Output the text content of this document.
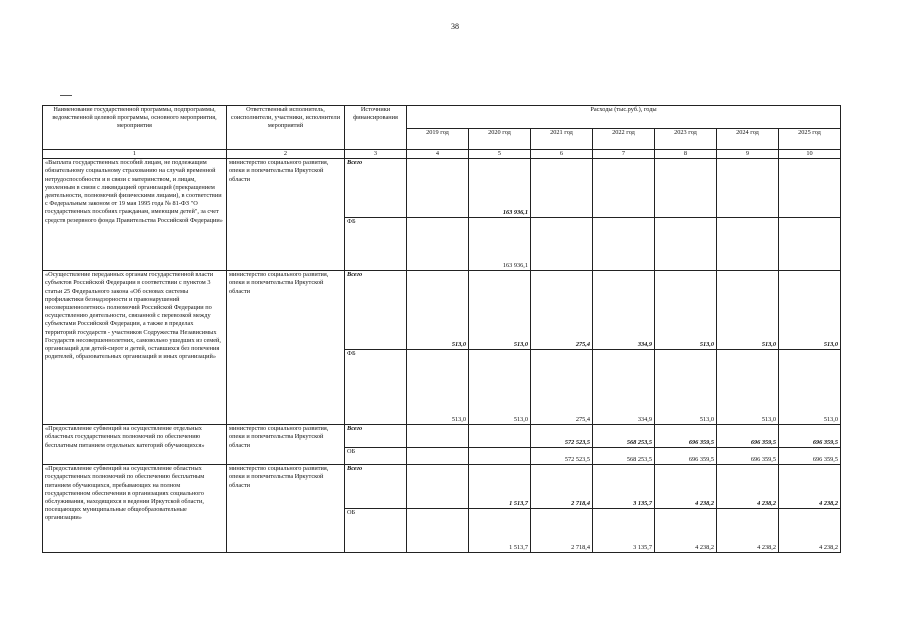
38
Наименование государственной программы, подпрограммы, ведомственной целевой программы, основного мероприятия, мероприятия	Ответственный исполнитель, соисполнители, участники, исполнители мероприятий	Источники финансирования	Расходы (тыс.руб.), годы						
			2019 год	2020 год	2021 год	2022 год	2023 год	2024 год	2025 год
1	2	3	4	5	6	7	8	9	10
«Выплата государственных пособий лицам, не подлежащим обязательному социальному страхованию на случай временной нетрудоспособности и в связи с материнством, и лицам, уволенным в связи с ликвидацией организаций (прекращением деятельности, полномочий физическими лицами), в соответствии с Федеральным законом от 19 мая 1995 года № 81-ФЗ "О государственных пособиях гражданам, имеющим детей", за счет средств резервного фонда Правительства Российской Федерации»	министерство социального развития, опеки и попечительства Иркутской области	Всего		163 936,1					
		ФБ		163 936,1					
«Осуществление переданных органам государственной власти субъектов Российской Федерации в соответствии с пунктом 3 статьи 25 Федерального закона «Об основах системы профилактики безнадзорности и правонарушений несовершеннолетних» полномочий Российской Федерации по осуществлению деятельности, связанной с перевозкой между субъектами Российской Федерации, а также в пределах территорий государств - участников Содружества Независимых Государств несовершеннолетних, самовольно ушедших из семей, организаций для детей-сирот и детей, оставшихся без попечения родителей, образовательных организаций и иных организаций»	министерство социального развития, опеки и попечительства Иркутской области	Всего	513,0	513,0	275,4	334,9	513,0	513,0	513,0
		ФБ	513,0	513,0	275,4	334,9	513,0	513,0	513,0
«Предоставление субвенций на осуществление отдельных областных государственных полномочий по обеспечению бесплатным питанием отдельных категорий обучающихся»	министерство социального развития, опеки и попечительства Иркутской области	Всего			572 523,5	568 253,5	696 359,5	696 359,5	696 359,5
		ОБ			572 523,5	568 253,5	696 359,5	696 359,5	696 359,5
«Предоставление субвенций на осуществление областных государственных полномочий по обеспечению бесплатным питанием обучающихся, пребывающих на полном государственном обеспечении в организациях социального обслуживания, находящихся в ведении Иркутской области, посещающих муниципальные общеобразовательные организации»	министерство социального развития, опеки и попечительства Иркутской области	Всего		1 513,7	2 718,4	3 135,7	4 238,2	4 238,2	4 238,2
		ОБ		1 513,7	2 718,4	3 135,7	4 238,2	4 238,2	4 238,2
